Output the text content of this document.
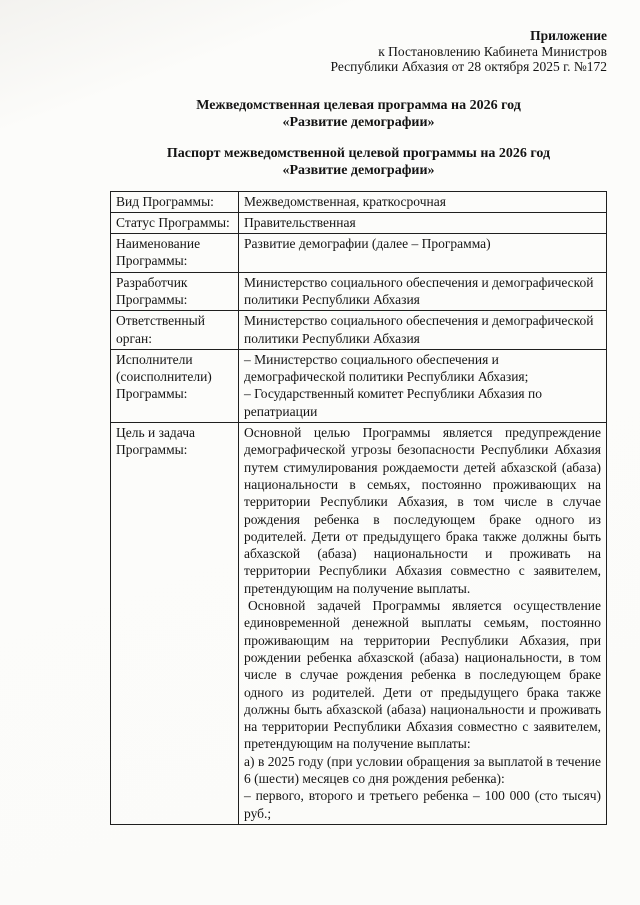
Приложение
к Постановлению Кабинета Министров
Республики Абхазия от 28 октября 2025 г. №172
Межведомственная целевая программа на 2026 год
«Развитие демографии»
Паспорт межведомственной целевой программы на 2026 год
«Развитие демографии»
Вид Программы:	Межведомственная, краткосрочная
Статус Программы:	Правительственная
Наименование Программы:	Развитие демографии (далее – Программа)
Разработчик Программы:	Министерство социального обеспечения и демографической политики Республики Абхазия
Ответственный орган:	Министерство социального обеспечения и демографической политики Республики Абхазия
Исполнители (соисполнители) Программы:	– Министерство социального обеспечения и демографической политики Республики Абхазия;
– Государственный комитет Республики Абхазия по репатриации

Цель и задача Программы:	Основной целью Программы является предупреждение демографической угрозы безопасности Республики Абхазия путем стимулирования рождаемости детей абхазской (абаза) национальности в семьях, постоянно проживающих на территории Республики Абхазия, в том числе в случае рождения ребенка в последующем браке одного из родителей. Дети от предыдущего брака также должны быть абхазской (абаза) национальности и проживать на территории Республики Абхазия совместно с заявителем, претендующим на получение выплаты.

Основной задачей Программы является осуществление единовременной денежной выплаты семьям, постоянно проживающим на территории Республики Абхазия, при рождении ребенка абхазской (абаза) национальности, в том числе в случае рождения ребенка в последующем браке одного из родителей. Дети от предыдущего брака также должны быть абхазской (абаза) национальности и проживать на территории Республики Абхазия совместно с заявителем, претендующим на получение выплаты:

а) в 2025 году (при условии обращения за выплатой в течение 6 (шести) месяцев со дня рождения ребенка):

– первого, второго и третьего ребенка – 100 000 (сто тысяч) руб.;
